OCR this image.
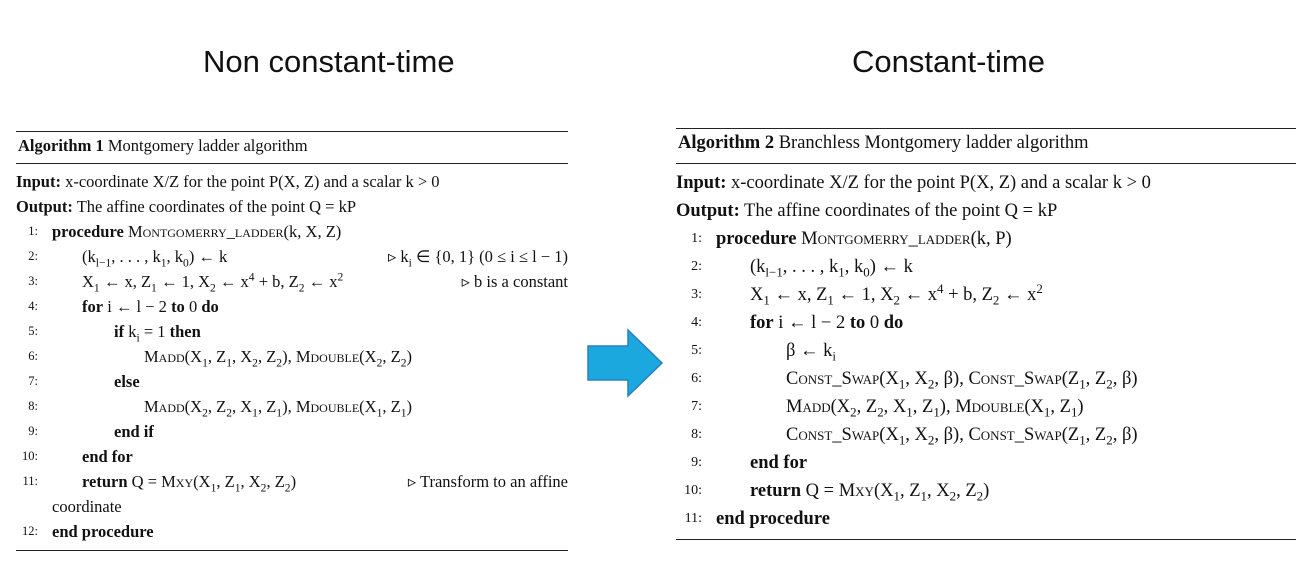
Non constant-time	Constant-time
Algorithm 1 Montgomery ladder algorithm
Input: x-coordinate X/Z for the point P(X, Z) and a scalar k > 0
Output: The affine coordinates of the point Q = kP
1: procedure Montgomerry_ladder(k, X, Z)
2:	($k_{l-1}$, . . . , $k_1$, $k_0$) ← k	▹ $k_i$ ∈ {0, 1} (0 ≤ i ≤ l − 1)
3:	$X_1$ ← x, $Z_1$ ← 1, $X_2$ ← $x^4 + b$, $Z_2$ ← $x^2$	▹ b is a constant
4:	for i ← l − 2 to 0 do
5:	if $k_i = 1$ then
6:	$Madd(X_1$, $Z_1$, $X_2$, $Z_2$), $Mdouble(X_2$, $Z_2$)
7:	else
8:	$Madd(X_2$, $Z_2$, $X_1$, $Z_1$), $Mdouble(X_1$, $Z_1$)
9:	end if
10:	end for
11:	return $Q = Mxy(X_1$, $Z_1$, $X_2$, $Z_2$)	▹ Transform to an affine
coordinate
12: end procedure
Algorithm 2 Branchless Montgomery ladder algorithm
Input: x-coordinate X/Z for the point P(X, Z) and a scalar k > 0
Output: The affine coordinates of the point Q = kP
1: procedure Montgomerry_ladder(k, P)
2:	($k_{l-1}$, . . . , $k_1$, $k_0$) ← k
3:	$X_1$ ← x, $Z_1$ ← 1, $X_2$ ← $x^4 + b$, $Z_2$ ← $x^2$
4:	for i ← l − 2 to 0 do
5:	β ← $k_i$
6:	$Const\_Swap(X_1$, $X_2$, β), $Const\_Swap(Z_1$, $Z_2$, β)
7:	$Madd(X_2$, $Z_2$, $X_1$, $Z_1$), $Mdouble(X_1$, $Z_1$)
8:	$Const\_Swap(X_1$, $X_2$, β), $Const\_Swap(Z_1$, $Z_2$, β)
9:	end for
10:	return $Q = Mxy(X_1$, $Z_1$, $X_2$, $Z_2$)
11: end procedure
